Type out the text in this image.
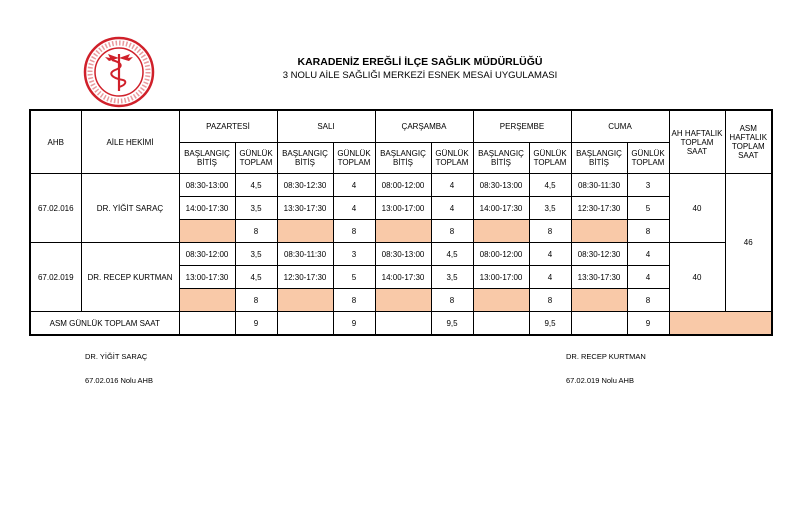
KARADENİZ EREĞLİ İLÇE SAĞLIK MÜDÜRLÜĞÜ
3 NOLU AİLE SAĞLIĞI MERKEZİ ESNEK MESAİ UYGULAMASI
AHB	AİLE HEKİMİ	PAZARTESİ		SALI		ÇARŞAMBA		PERŞEMBE		CUMA		AH HAFTALIK TOPLAM SAAT	ASM HAFTALIK TOPLAM SAAT
		BAŞLANGIÇ BİTİŞ	GÜNLÜK TOPLAM	BAŞLANGIÇ BİTİŞ	GÜNLÜK TOPLAM	BAŞLANGIÇ BİTİŞ	GÜNLÜK TOPLAM	BAŞLANGIÇ BİTİŞ	GÜNLÜK TOPLAM	BAŞLANGIÇ BİTİŞ	GÜNLÜK TOPLAM		
67.02.016	DR. YİĞİT SARAÇ	08:30-13:00	4,5	08:30-12:30	4	08:00-12:00	4	08:30-13:00	4,5	08:30-11:30	3	40	46
		14:00-17:30	3,5	13:30-17:30	4	13:00-17:00	4	14:00-17:30	3,5	12:30-17:30	5		
			8		8		8		8		8		
67.02.019	DR. RECEP KURTMAN	08:30-12:00	3,5	08:30-11:30	3	08:30-13:00	4,5	08:00-12:00	4	08:30-12:30	4	40	
		13:00-17:30	4,5	12:30-17:30	5	14:00-17:30	3,5	13:00-17:00	4	13:30-17:30	4		
			8		8		8		8		8		
ASM GÜNLÜK TOPLAM SAAT			9		9		9,5		9,5		9		
DR. YİĞİT SARAÇ
67.02.016 Nolu AHB
DR. RECEP KURTMAN
67.02.019 Nolu AHB
